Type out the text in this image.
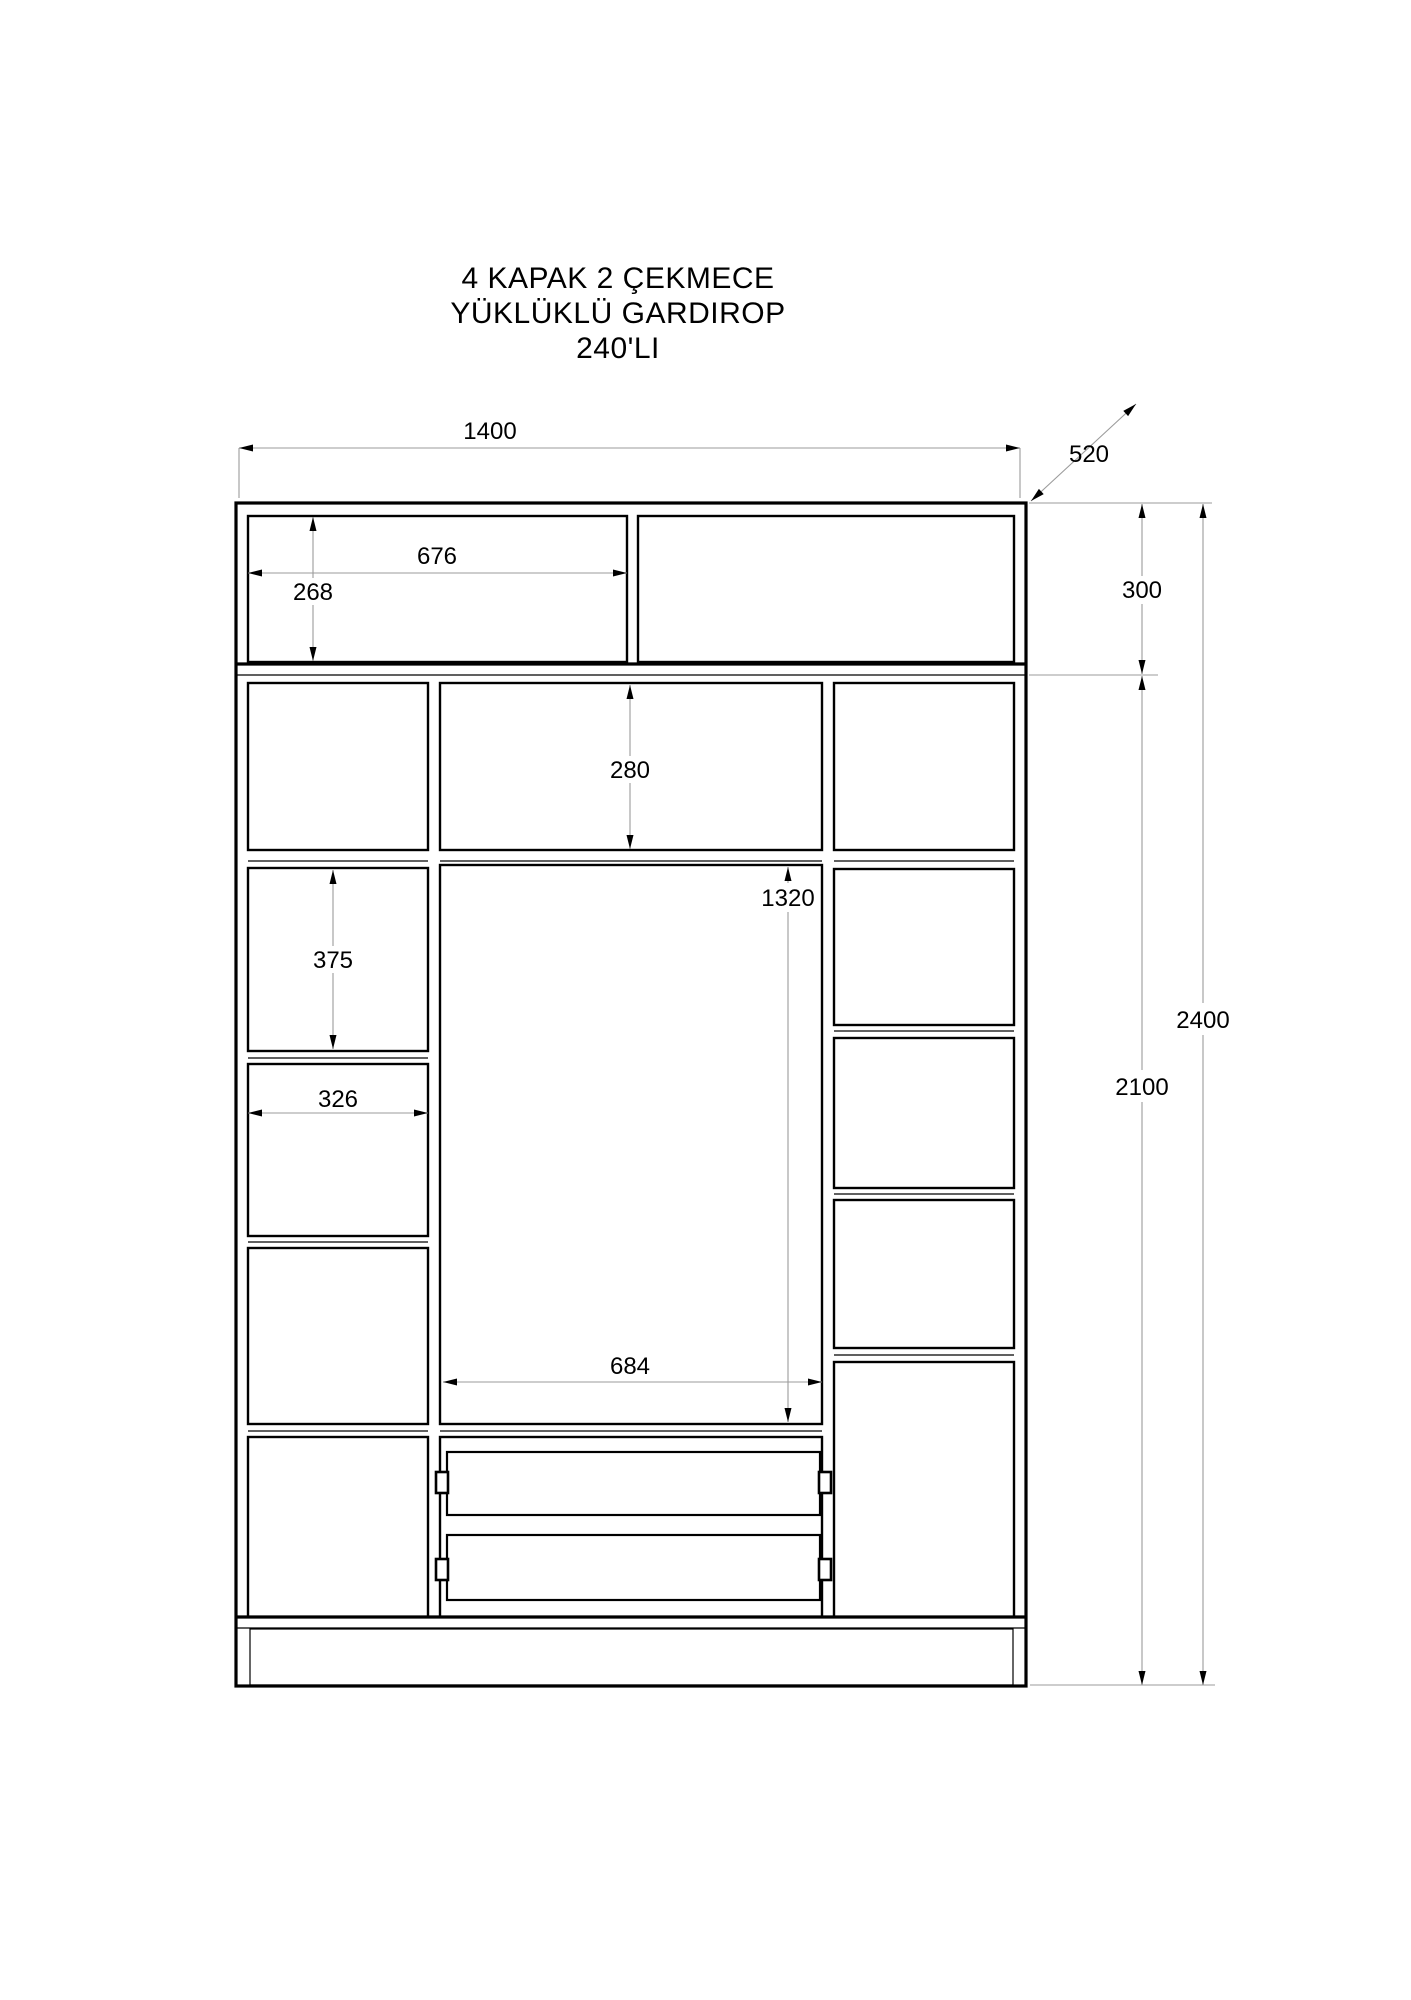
4 KAPAK 2 ÇEKMECE
YÜKLÜKLÜ GARDIROP
240'LI
1400
520
300
2100
2400
676
268
280
375
326
1320
684
